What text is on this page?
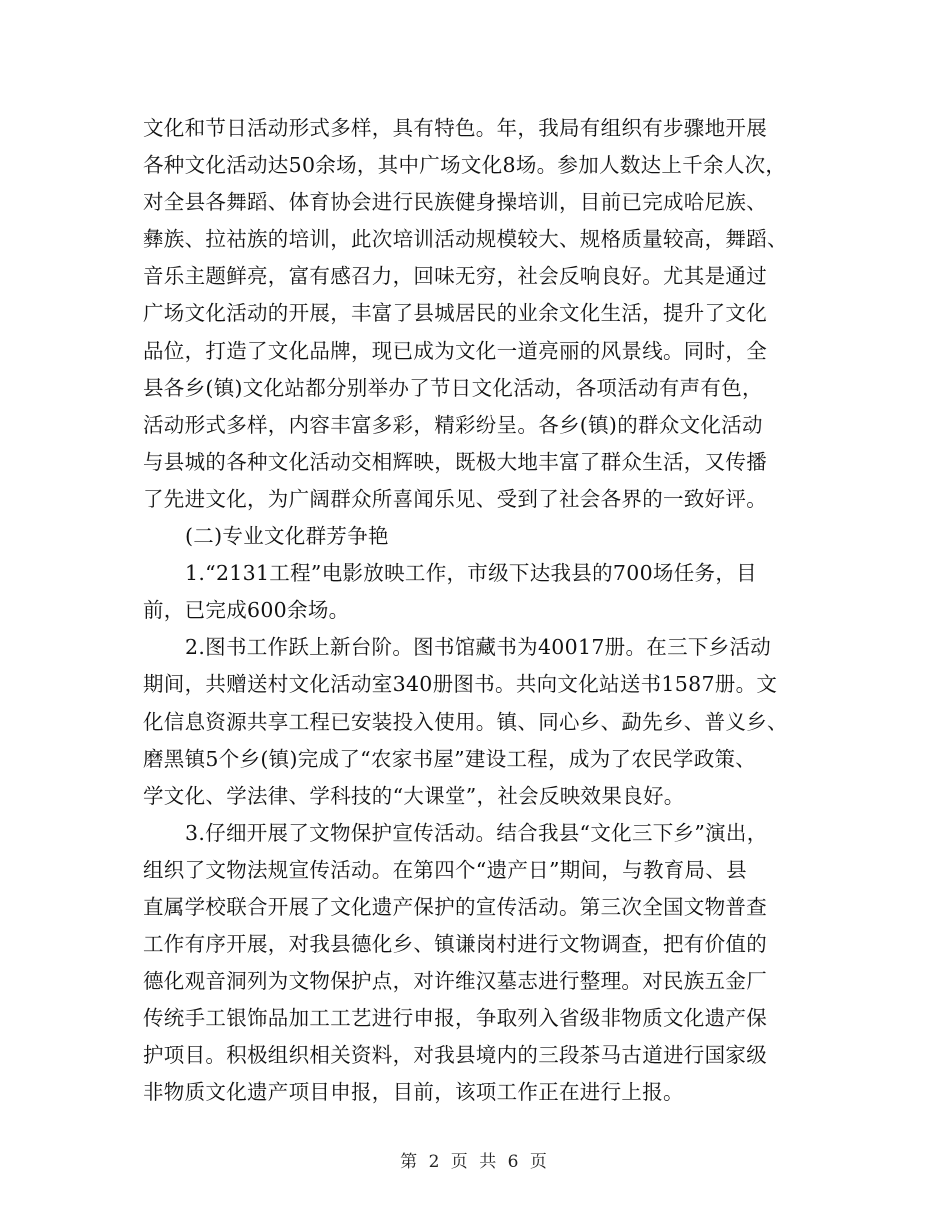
文化和节日活动形式多样，具有特色。年，我局有组织有步骤地开展
各种文化活动达50余场，其中广场文化8场。参加人数达上千余人次，
对全县各舞蹈、体育协会进行民族健身操培训，目前已完成哈尼族、
彝族、拉祜族的培训，此次培训活动规模较大、规格质量较高，舞蹈、
音乐主题鲜亮，富有感召力，回味无穷，社会反响良好。尤其是通过
广场文化活动的开展，丰富了县城居民的业余文化生活，提升了文化
品位，打造了文化品牌，现已成为文化一道亮丽的风景线。同时，全
县各乡(镇)文化站都分别举办了节日文化活动，各项活动有声有色，
活动形式多样，内容丰富多彩，精彩纷呈。各乡(镇)的群众文化活动
与县城的各种文化活动交相辉映，既极大地丰富了群众生活，又传播
了先进文化，为广阔群众所喜闻乐见、受到了社会各界的一致好评。
(二)专业文化群芳争艳
1.“2131工程”电影放映工作，市级下达我县的700场任务，目
前，已完成600余场。
2.图书工作跃上新台阶。图书馆藏书为40017册。在三下乡活动
期间，共赠送村文化活动室340册图书。共向文化站送书1587册。文
化信息资源共享工程已安装投入使用。镇、同心乡、勐先乡、普义乡、
磨黑镇5个乡(镇)完成了“农家书屋”建设工程，成为了农民学政策、
学文化、学法律、学科技的“大课堂”，社会反映效果良好。
3.仔细开展了文物保护宣传活动。结合我县“文化三下乡”演出，
组织了文物法规宣传活动。在第四个“遗产日”期间，与教育局、县
直属学校联合开展了文化遗产保护的宣传活动。第三次全国文物普查
工作有序开展，对我县德化乡、镇谦岗村进行文物调查，把有价值的
德化观音洞列为文物保护点，对许维汉墓志进行整理。对民族五金厂
传统手工银饰品加工工艺进行申报，争取列入省级非物质文化遗产保
护项目。积极组织相关资料，对我县境内的三段茶马古道进行国家级
非物质文化遗产项目申报，目前，该项工作正在进行上报。
第 2 页 共 6 页
